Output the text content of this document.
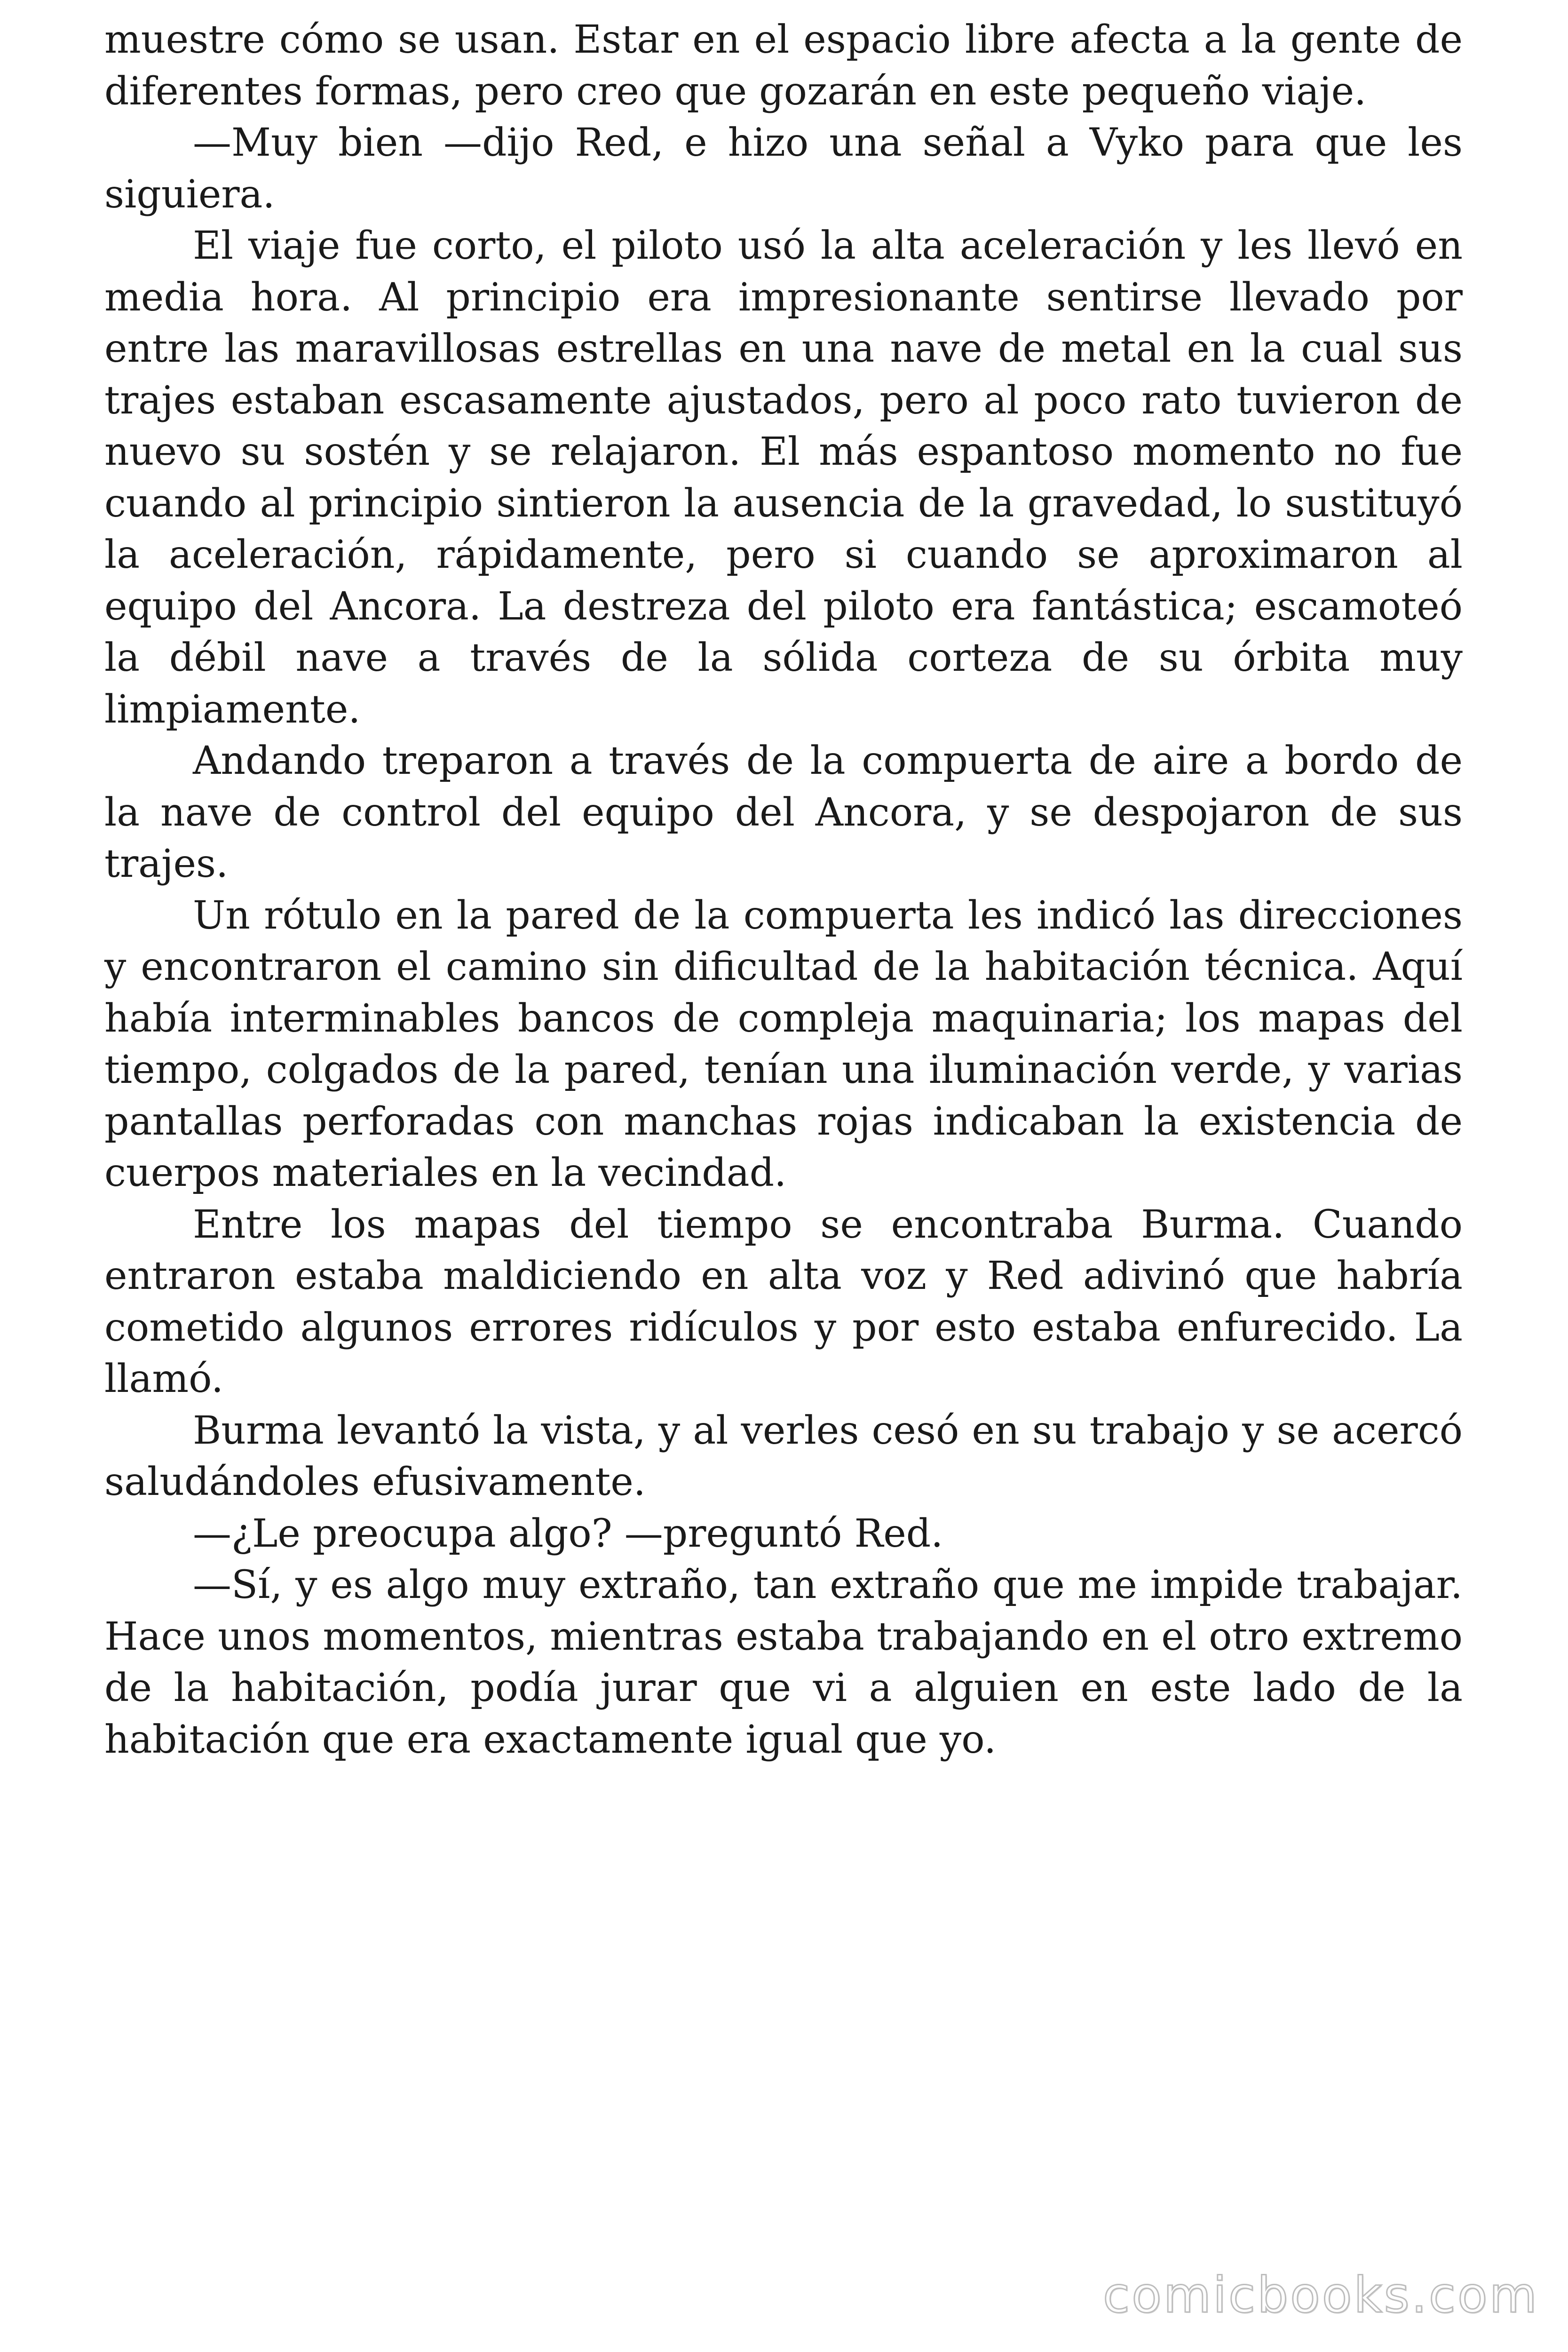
muestre cómo se usan. Estar en el espacio libre afecta a la gente de diferentes formas, pero creo que gozarán en este pequeño viaje.

—Muy bien —dijo Red, e hizo una señal a Vyko para que les siguiera.

El viaje fue corto, el piloto usó la alta aceleración y les llevó en media hora. Al principio era impresionante sentirse llevado por entre las maravillosas estrellas en una nave de metal en la cual sus trajes estaban escasamente ajustados, pero al poco rato tuvieron de nuevo su sostén y se relajaron. El más espantoso momento no fue cuando al principio sintieron la ausencia de la gravedad, lo sustituyó la aceleración, rápidamente, pero si cuando se aproximaron al equipo del Ancora. La destreza del piloto era fantástica; escamoteó la débil nave a través de la sólida corteza de su órbita muy limpiamente.

Andando treparon a través de la compuerta de aire a bordo de la nave de control del equipo del Ancora, y se despojaron de sus trajes.

Un rótulo en la pared de la compuerta les indicó las direcciones y encontraron el camino sin dificultad de la habitación técnica. Aquí había interminables bancos de compleja maquinaria; los mapas del tiempo, colgados de la pared, tenían una iluminación verde, y varias pantallas perforadas con manchas rojas indicaban la existencia de cuerpos materiales en la vecindad.

Entre los mapas del tiempo se encontraba Burma. Cuando entraron estaba maldiciendo en alta voz y Red adivinó que habría cometido algunos errores ridículos y por esto estaba enfurecido. La llamó.

Burma levantó la vista, y al verles cesó en su trabajo y se acercó saludándoles efusivamente.

—¿Le preocupa algo? —preguntó Red.

—Sí, y es algo muy extraño, tan extraño que me impide trabajar. Hace unos momentos, mientras estaba trabajando en el otro extremo de la habitación, podía jurar que vi a alguien en este lado de la habitación que era exactamente igual que yo.

comicbooks.com
